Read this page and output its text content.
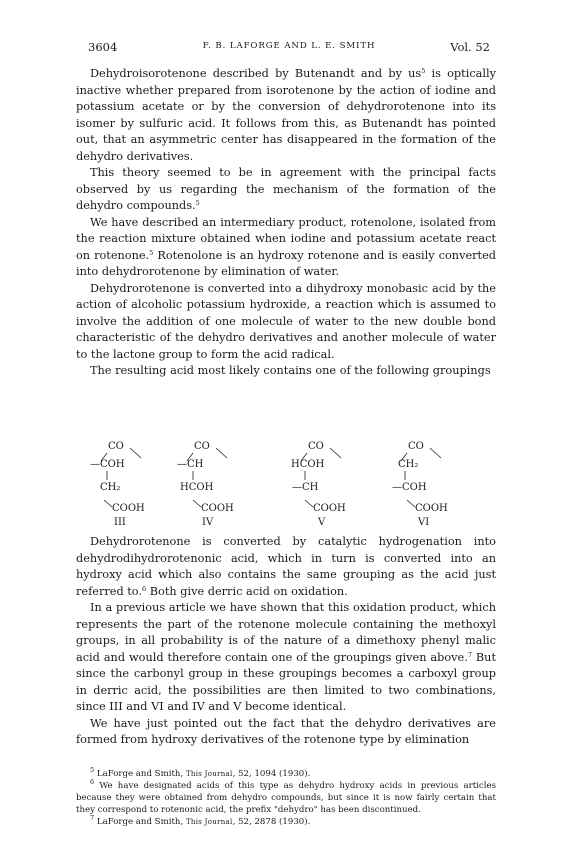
3604	F. B. LAFORGE AND L. E. SMITH	Vol. 52

Dehydroisorotenone described by Butenandt and by $us^5$ is optically inactive whether prepared from isorotenone by the action of iodine and potassium acetate or by the conversion of dehydrorotenone into its isomer by sulfuric acid. It follows from this, as Butenandt has pointed out, that an asymmetric center has disappeared in the formation of the dehydro derivatives.

This theory seemed to be in agreement with the principal facts observed by us regarding the mechanism of the formation of the dehydro compounds.$^5$

We have described an intermediary product, rotenolone, isolated from the reaction mixture obtained when iodine and potassium acetate react on rotenone.$^5$ Rotenolone is an hydroxy rotenone and is easily converted into dehydrorotenone by elimination of water.

Dehydrorotenone is converted into a dihydroxy monobasic acid by the action of alcoholic potassium hydroxide, a reaction which is assumed to involve the addition of one molecule of water to the new double bond characteristic of the dehydro derivatives and another molecule of water to the lactone group to form the acid radical.

The resulting acid most likely contains one of the following groupings

CO
—COH
CH₂
COOH
III
CO
—CH
HCOH
COOH
IV
CO
HCOH
—CH
COOH
V
CO
CH₂
—COH
COOH
VI

Dehydrorotenone is converted by catalytic hydrogenation into dehydrodihydrorotenonic acid, which in turn is converted into an hydroxy acid which also contains the same grouping as the acid just referred to.$^6$ Both give derric acid on oxidation.

In a previous article we have shown that this oxidation product, which represents the part of the rotenone molecule containing the methoxyl groups, in all probability is of the nature of a dimethoxy phenyl malic acid and would therefore contain one of the groupings given above.$^7$ But since the carbonyl group in these groupings becomes a carboxyl group in derric acid, the possibilities are then limited to two combinations, since III and VI and IV and V become identical.

We have just pointed out the fact that the dehydro derivatives are formed from hydroxy derivatives of the rotenone type by elimination

$^5$ LaForge and Smith, This Journal, 52, 1094 (1930).

$^6$ We have designated acids of this type as dehydro hydroxy acids in previous articles because they were obtained from dehydro compounds, but since it is now fairly certain that they correspond to rotenonic acid, the prefix "dehydro" has been discontinued.

$^7$ LaForge and Smith, This Journal, 52, 2878 (1930).
